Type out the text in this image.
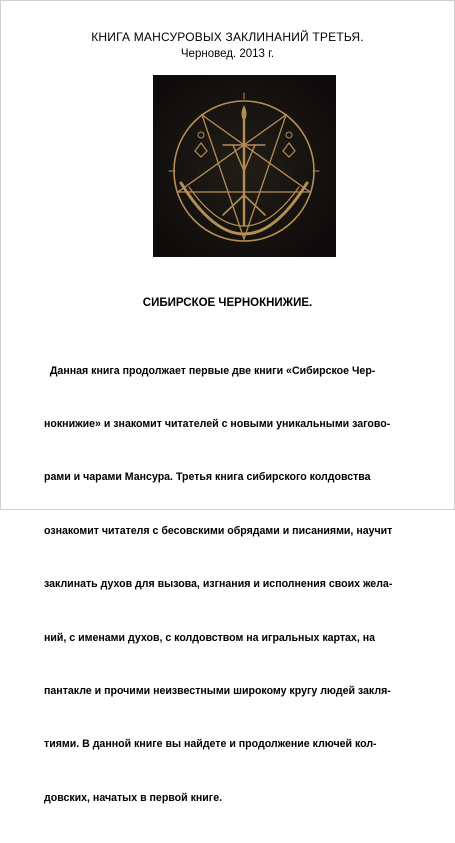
КНИГА МАНСУРОВЫХ ЗАКЛИНАНИЙ ТРЕТЬЯ.
Черновед. 2013 г.
СИБИРСКОЕ ЧЕРНОКНИЖИЕ.

Данная книга продолжает первые две книги «Сибирское Чер-

нокнижие» и знакомит читателей с новыми уникальными загово-

рами и чарами Мансура. Третья книга сибирского колдовства

ознакомит читателя с бесовскими обрядами и писаниями, научит

заклинать духов для вызова, изгнания и исполнения своих жела-

ний, с именами духов, с колдовством на игральных картах, на

пантакле и прочими неизвестными широкому кругу людей закля-

тиями. В данной книге вы найдете и продолжение ключей кол-

довских, начатых в первой книге.
